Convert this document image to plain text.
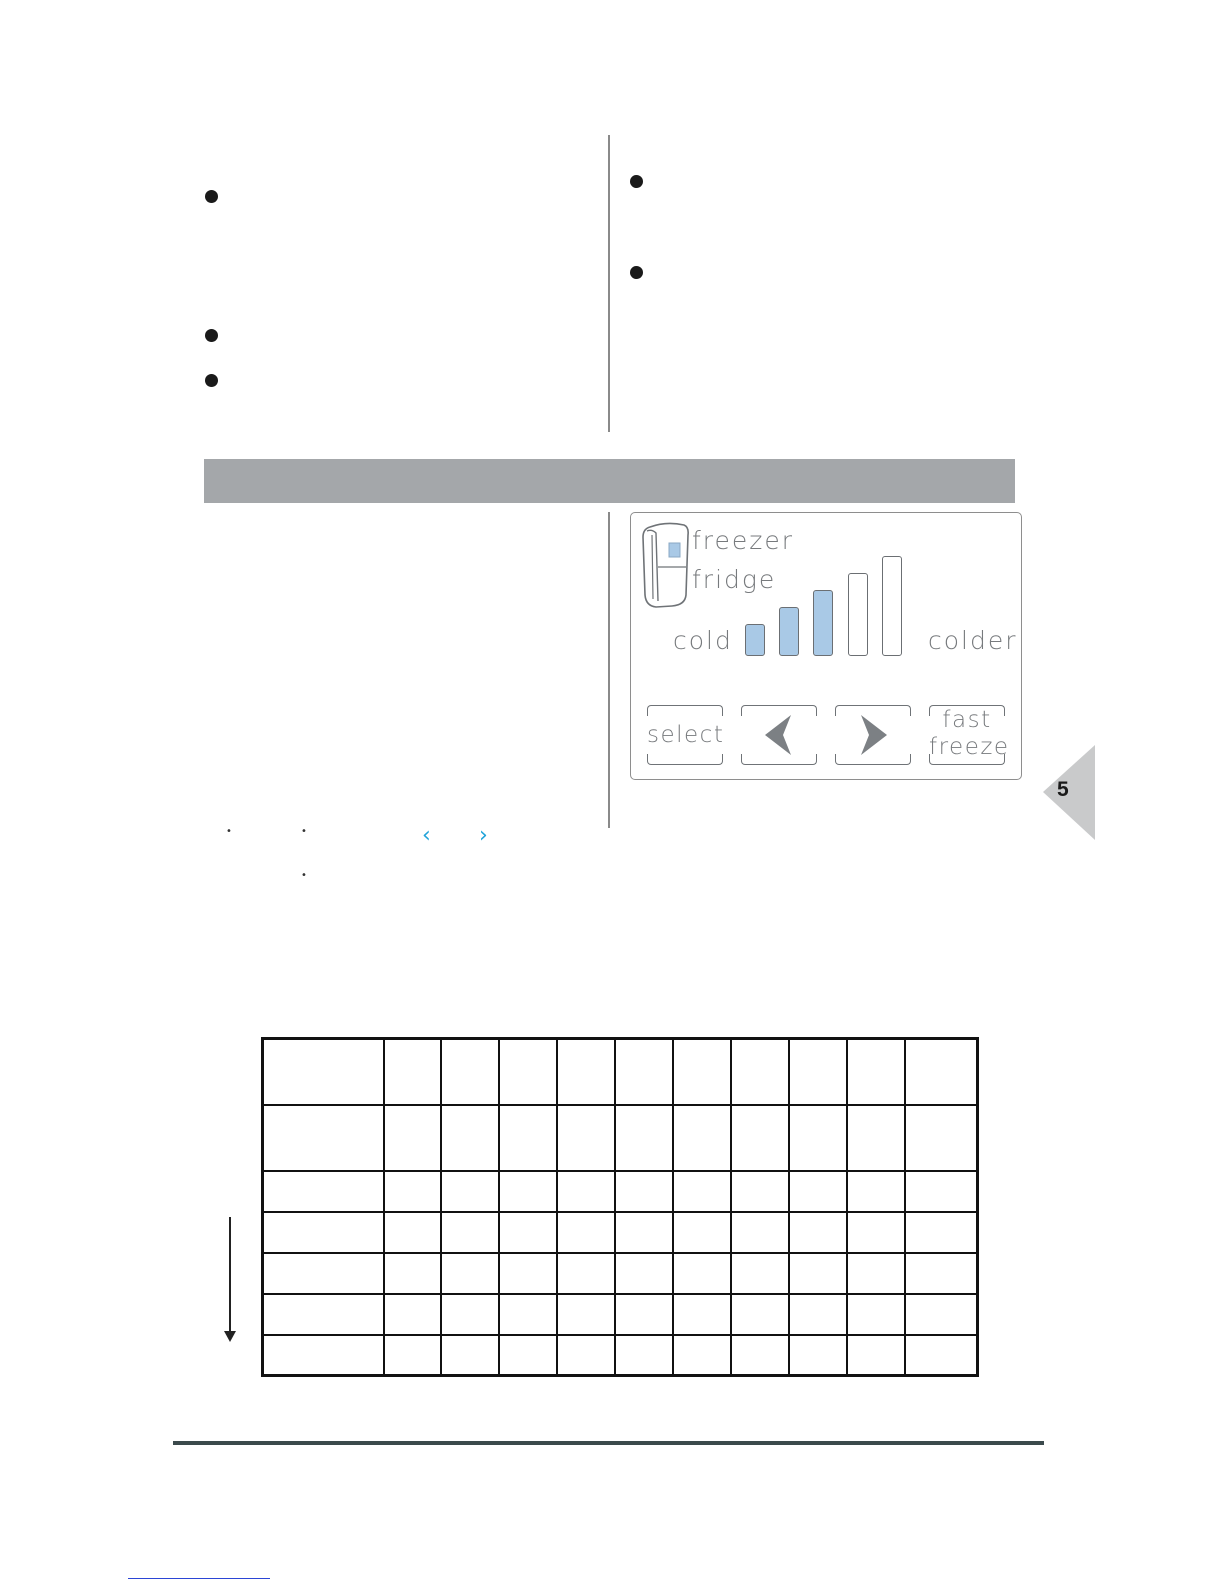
freezer
fridge
cold	colder
select
fast
freeze
•	•	‹ ›
•
5
